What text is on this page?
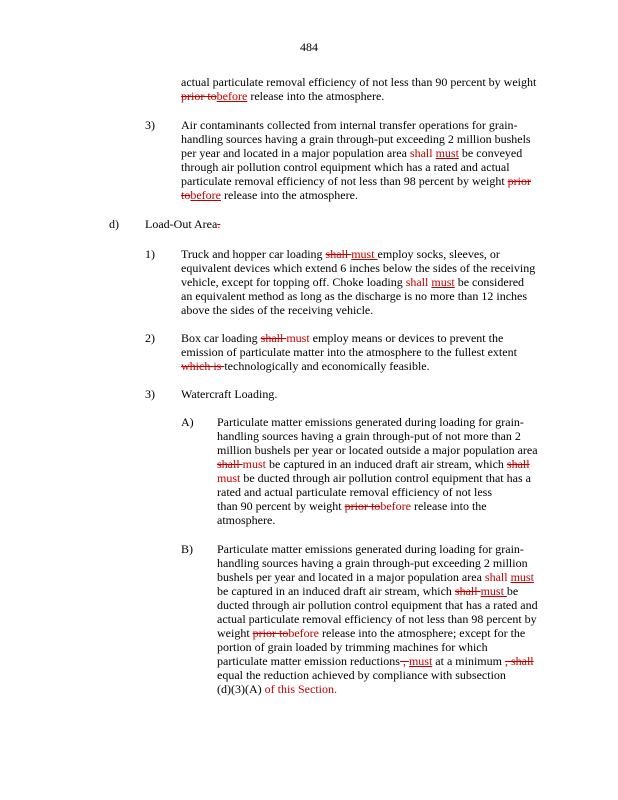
484
actual particulate removal efficiency of not less than 90 percent by weight
prior tobefore release into the atmosphere.
3) Air contaminants collected from internal transfer operations for grain-
handling sources having a grain through-put exceeding 2 million bushels
per year and located in a major population area shall must be conveyed
through air pollution control equipment which has a rated and actual
particulate removal efficiency of not less than 98 percent by weight prior
tobefore release into the atmosphere.
d) Load-Out Area.
1) Truck and hopper car loading shall must employ socks, sleeves, or
equivalent devices which extend 6 inches below the sides of the receiving
vehicle, except for topping off. Choke loading shall must be considered
an equivalent method as long as the discharge is no more than 12 inches
above the sides of the receiving vehicle.
2) Box car loading shall must employ means or devices to prevent the
emission of particulate matter into the atmosphere to the fullest extent
which is technologically and economically feasible.
3) Watercraft Loading.
A) Particulate matter emissions generated during loading for grain-
handling sources having a grain through-put of not more than 2
million bushels per year or located outside a major population area
shall must be captured in an induced draft air stream, which shall
must be ducted through air pollution control equipment that has a
rated and actual particulate removal efficiency of not less
than 90 percent by weight prior tobefore release into the
atmosphere.
B) Particulate matter emissions generated during loading for grain-
handling sources having a grain through-put exceeding 2 million
bushels per year and located in a major population area shall must
be captured in an induced draft air stream, which shall must be
ducted through air pollution control equipment that has a rated and
actual particulate removal efficiency of not less than 98 percent by
weight prior tobefore release into the atmosphere; except for the
portion of grain loaded by trimming machines for which
particulate matter emission reductions , must at a minimum , shall
equal the reduction achieved by compliance with subsection
(d)(3)(A) of this Section.
